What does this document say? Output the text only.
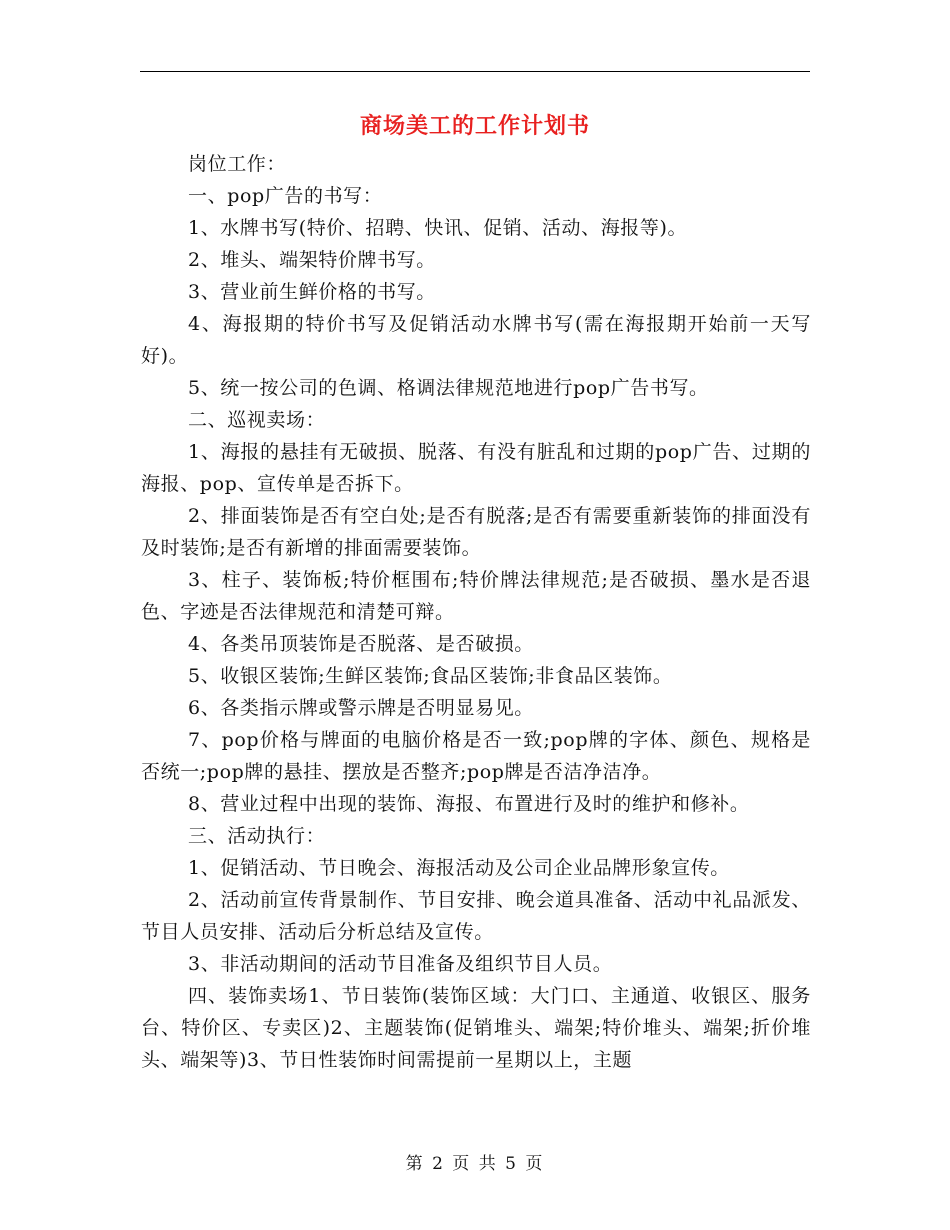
商场美工的工作计划书

岗位工作：

一、pop广告的书写：

1、水牌书写(特价、招聘、快讯、促销、活动、海报等)。

2、堆头、端架特价牌书写。

3、营业前生鲜价格的书写。

4、海报期的特价书写及促销活动水牌书写(需在海报期开始前一天写好)。

5、统一按公司的色调、格调法律规范地进行pop广告书写。

二、巡视卖场：

1、海报的悬挂有无破损、脱落、有没有脏乱和过期的pop广告、过期的海报、pop、宣传单是否拆下。

2、排面装饰是否有空白处;是否有脱落;是否有需要重新装饰的排面没有及时装饰;是否有新增的排面需要装饰。

3、柱子、装饰板;特价框围布;特价牌法律规范;是否破损、墨水是否退色、字迹是否法律规范和清楚可辩。

4、各类吊顶装饰是否脱落、是否破损。

5、收银区装饰;生鲜区装饰;食品区装饰;非食品区装饰。

6、各类指示牌或警示牌是否明显易见。

7、pop价格与牌面的电脑价格是否一致;pop牌的字体、颜色、规格是否统一;pop牌的悬挂、摆放是否整齐;pop牌是否洁净洁净。

8、营业过程中出现的装饰、海报、布置进行及时的维护和修补。

三、活动执行：

1、促销活动、节日晚会、海报活动及公司企业品牌形象宣传。

2、活动前宣传背景制作、节目安排、晚会道具准备、活动中礼品派发、节目人员安排、活动后分析总结及宣传。

3、非活动期间的活动节目准备及组织节目人员。

四、装饰卖场1、节日装饰(装饰区域：大门口、主通道、收银区、服务台、特价区、专卖区)2、主题装饰(促销堆头、端架;特价堆头、端架;折价堆头、端架等)3、节日性装饰时间需提前一星期以上，主题

第 2 页 共 5 页
